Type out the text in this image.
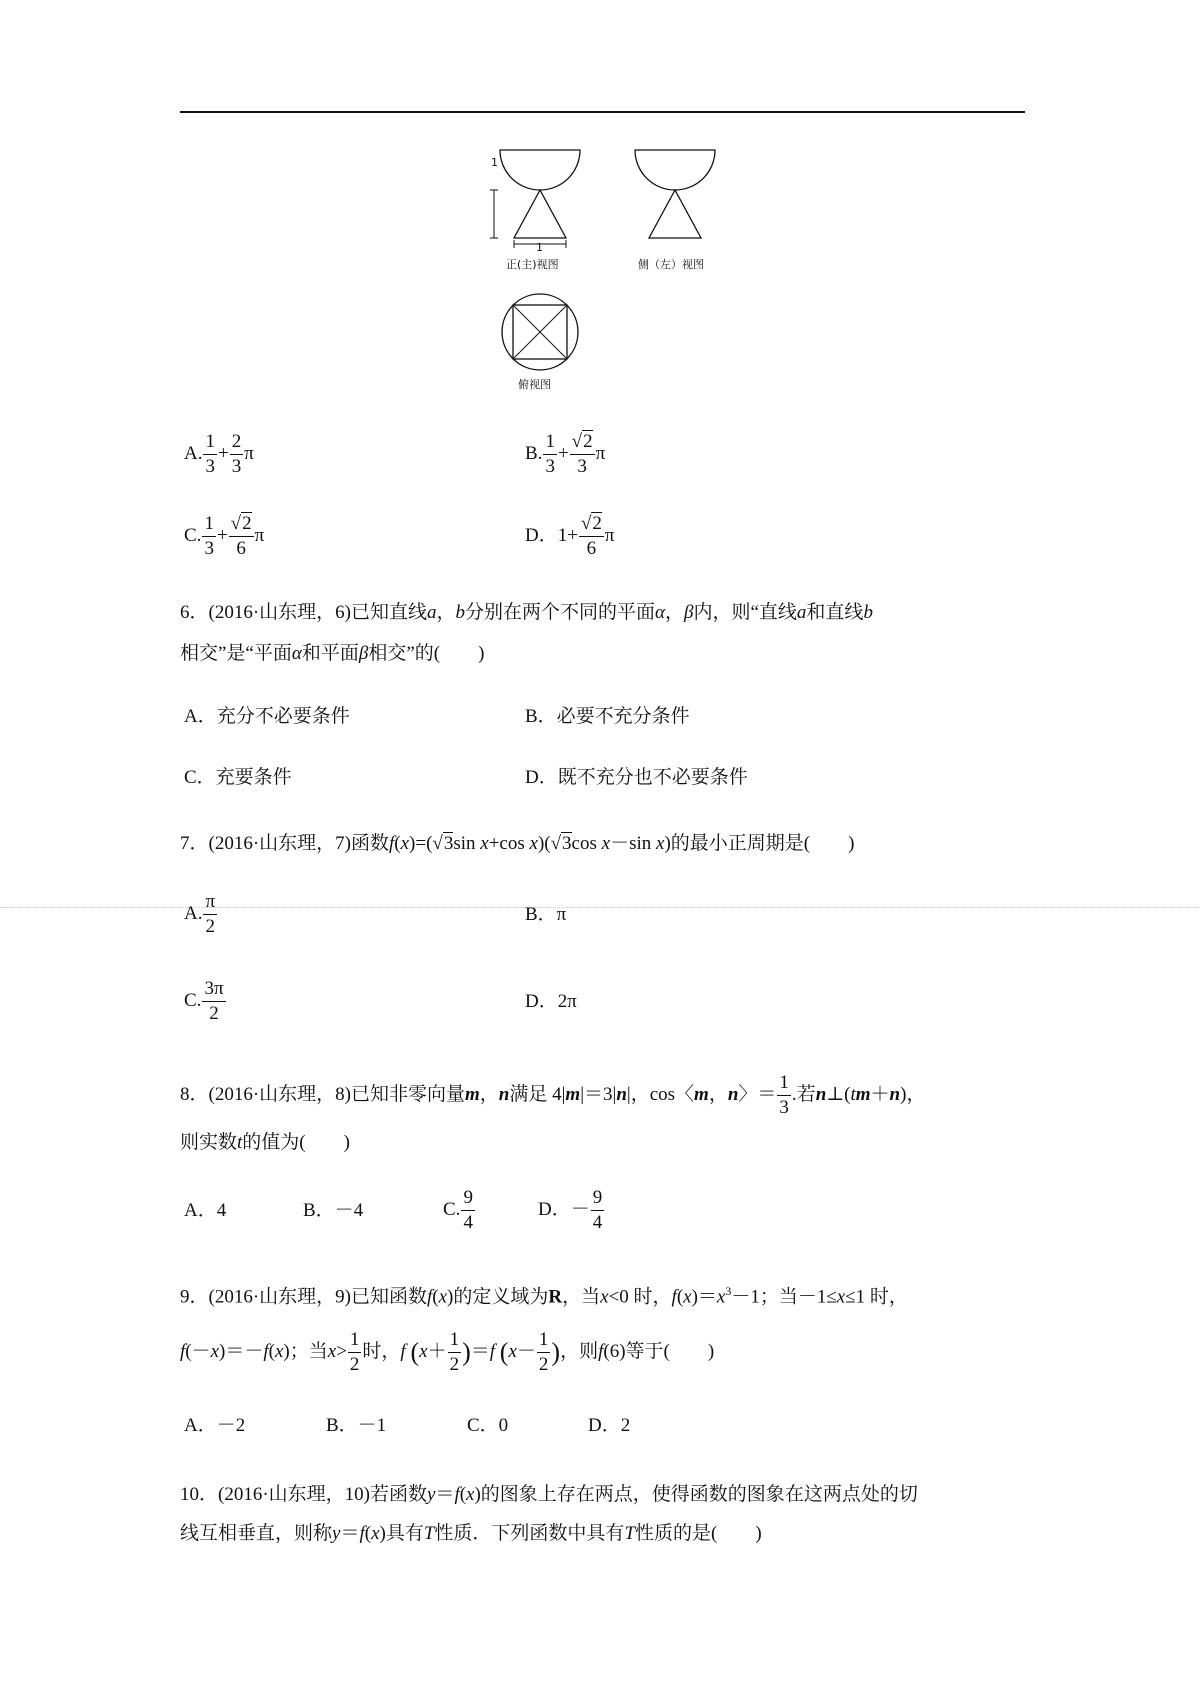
1
1
正(主)视图	侧（左）视图
俯视图
A. $\frac{1}{3} + \frac{2}{3}$ π	B. $\frac{1}{3} + \frac{√2}{3}$ π
C. $\frac{1}{3} + \frac{√2}{6}$ π	D．$1+ \frac{√2}{6}$ π
6．(2016·山东理，6)已知直线a，b分别在两个不同的平面α，β内，则“直线a和直线b
相交”是“平面α和平面β相交”的(　　)
A．充分不必要条件	B．必要不充分条件
C．充要条件	D．既不充分也不必要条件
7．(2016·山东理，7)函数f(x)=(√3sin x+cos x)(√3cos x－sin x)的最小正周期是(　　)
A. $\frac{\pi}{2}$	B．π
C. $\frac{3\pi}{2}$	D．2π
8．(2016·山东理，8)已知非零向量m，n满足 4|m|＝3|n|，cos〈m，n〉＝ $\frac{1}{3}$ .若n⊥(tm＋n)，
则实数t的值为(　　)
A．4	B．－4	C. $\frac{9}{4}$	D．－ $\frac{9}{4}$
9．(2016·山东理，9)已知函数f(x)的定义域为R，当x<0 时，$f(x)=x^3-1$；当－1≤x≤1 时，
f(－x)＝－f(x)；当$x> \frac{1}{2}$ 时，f $(x+ \frac{1}{2} )=f$ ($x- \frac{1}{2}$ )，则f(6)等于(　　)
A．－2	B．－1	C．0	D．2
10．(2016·山东理，10)若函数y＝f(x)的图象上存在两点，使得函数的图象在这两点处的切
线互相垂直，则称y＝f(x)具有T性质．下列函数中具有T性质的是(　　)
